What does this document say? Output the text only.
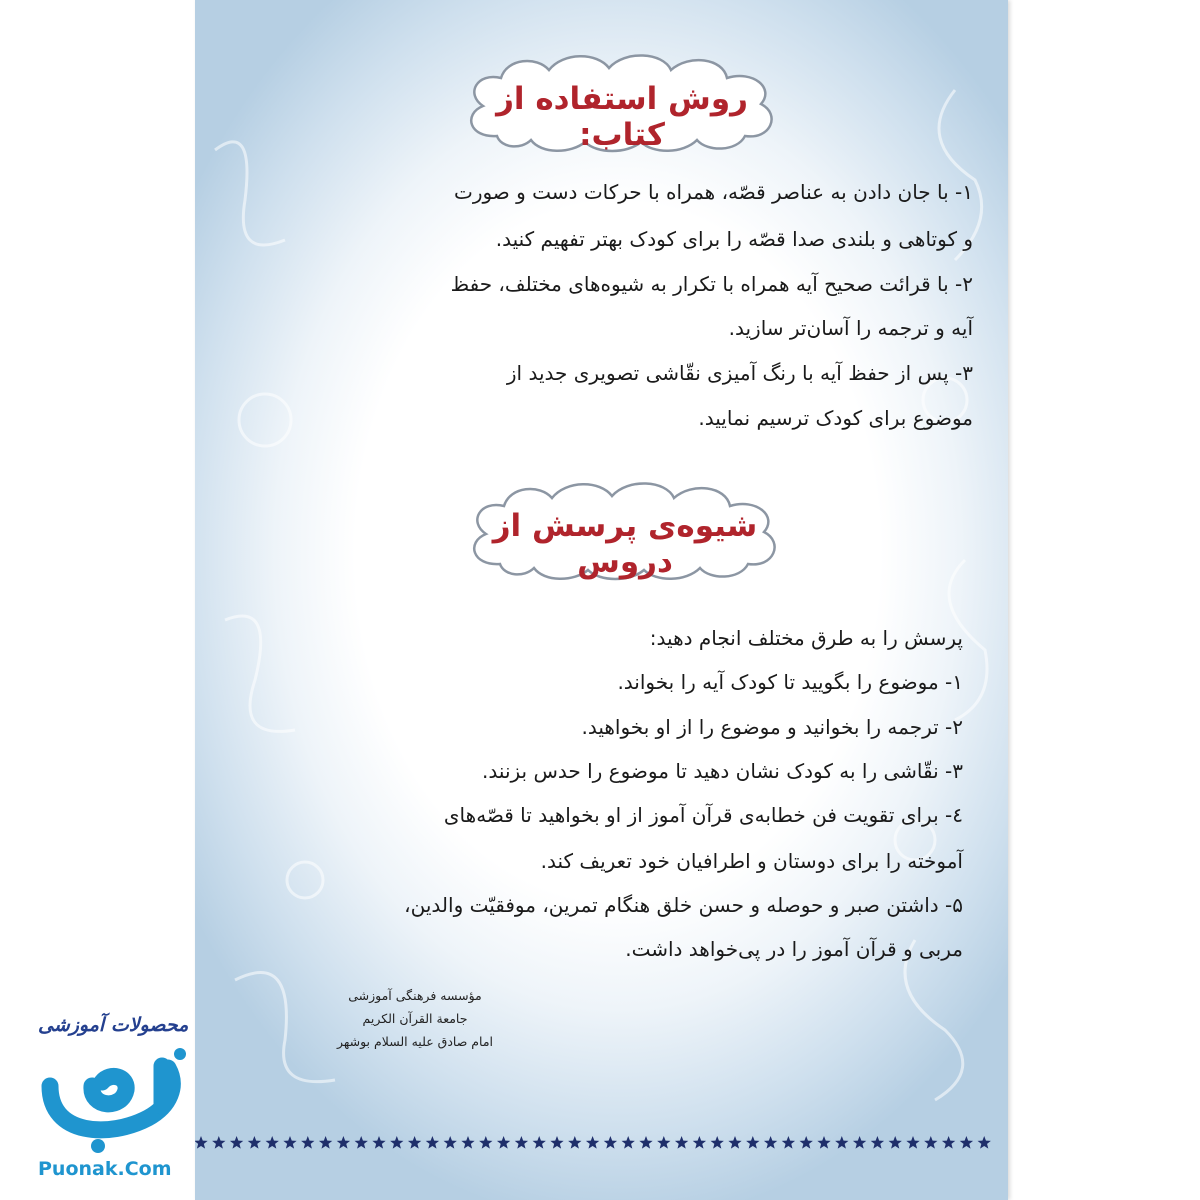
روش استفاده از کتاب:
۱- با جان دادن به عناصر قصّه، همراه با حرکات دست و صورت
و کوتاهی و بلندی صدا قصّه را برای کودک بهتر تفهیم کنید.
۲- با قرائت صحیح آیه همراه با تکرار به شیوه‌های مختلف، حفظ
آیه و ترجمه را آسان‌تر سازید.
۳- پس از حفظ آیه با رنگ آمیزی نقّاشی تصویری جدید از
موضوع برای کودک ترسیم نمایید.
شیوه‌ی پرسش از دروس
پرسش را به طرق مختلف انجام دهید:
۱- موضوع را بگویید تا کودک آیه را بخواند.
۲- ترجمه را بخوانید و موضوع را از او بخواهید.
۳- نقّاشی را به کودک نشان دهید تا موضوع را حدس بزنند.
٤- برای تقویت فن خطابه‌ی قرآن آموز از او بخواهید تا قصّه‌های
آموخته را برای دوستان و اطرافیان خود تعریف کند.
۵- داشتن صبر و حوصله و حسن خلق هنگام تمرین، موفقیّت والدین،
مربی و قرآن آموز را در پی‌خواهد داشت.
مؤسسه فرهنگی آموزشی
جامعة القرآن الکریم
امام صادق علیه السلام بوشهر
محصولات آموزشی
Puonak.Com
